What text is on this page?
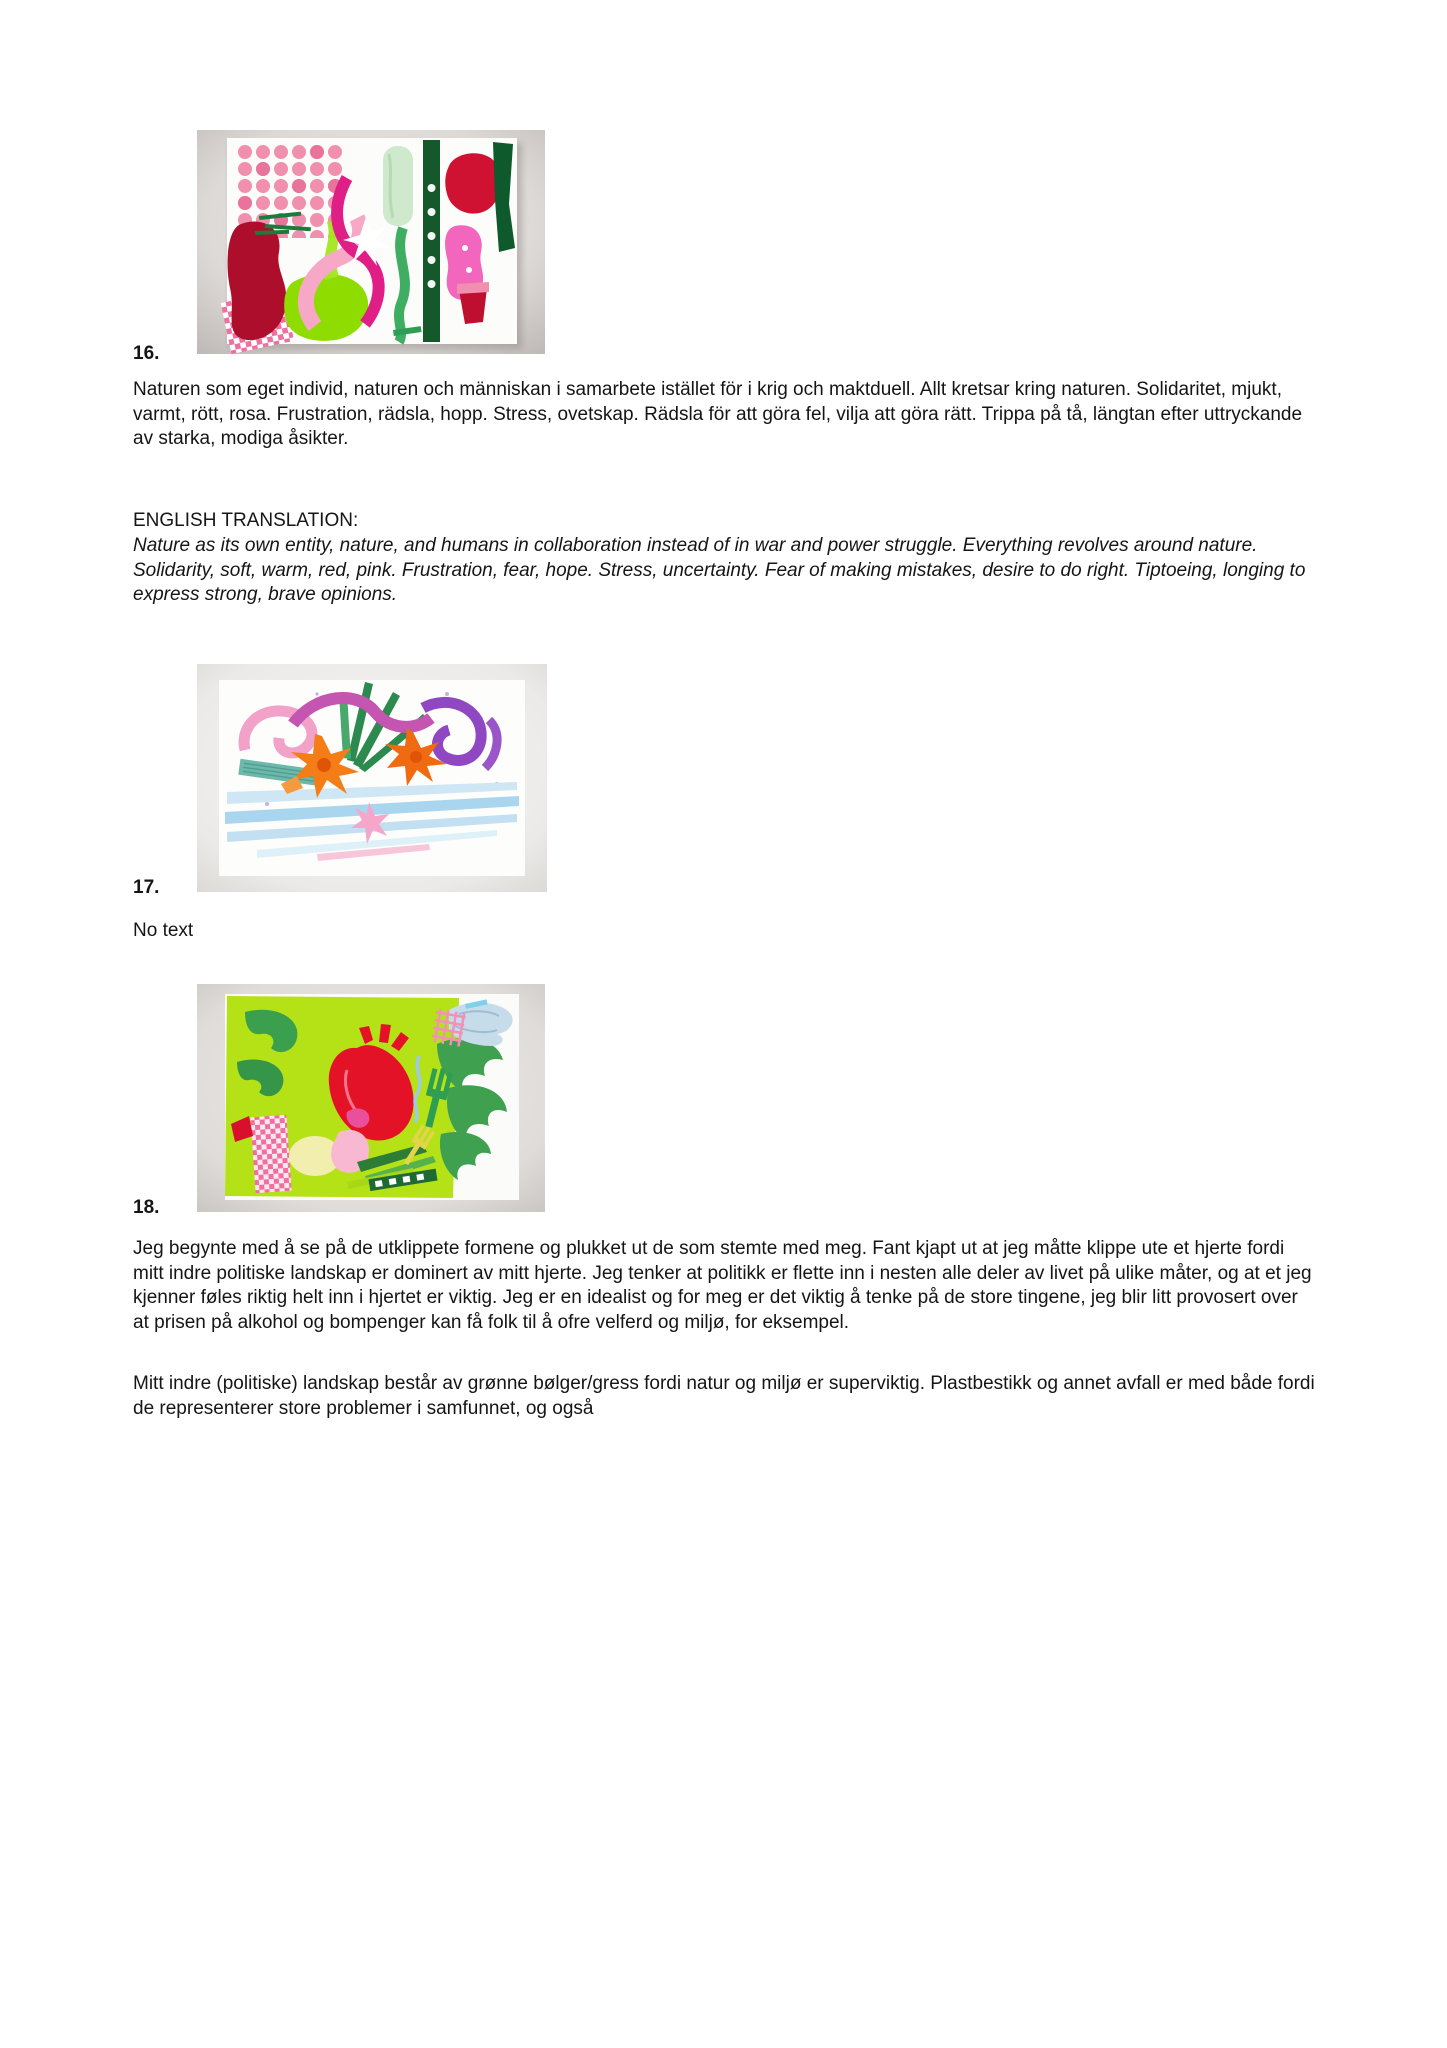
16.
Naturen som eget individ, naturen och människan i samarbete istället för i krig och maktduell. Allt kretsar kring naturen. Solidaritet, mjukt, varmt, rött, rosa. Frustration, rädsla, hopp. Stress, ovetskap. Rädsla för att göra fel, vilja att göra rätt. Trippa på tå, längtan efter uttryckande av starka, modiga åsikter.
ENGLISH TRANSLATION:
Nature as its own entity, nature, and humans in collaboration instead of in war and power struggle. Everything revolves around nature. Solidarity, soft, warm, red, pink. Frustration, fear, hope. Stress, uncertainty. Fear of making mistakes, desire to do right. Tiptoeing, longing to express strong, brave opinions.
17.
No text
18.
Jeg begynte med å se på de utklippete formene og plukket ut de som stemte med meg. Fant kjapt ut at jeg måtte klippe ute et hjerte fordi mitt indre politiske landskap er dominert av mitt hjerte. Jeg tenker at politikk er flette inn i nesten alle deler av livet på ulike måter, og at et jeg kjenner føles riktig helt inn i hjertet er viktig. Jeg er en idealist og for meg er det viktig å tenke på de store tingene, jeg blir litt provosert over at prisen på alkohol og bompenger kan få folk til å ofre velferd og miljø, for eksempel.
Mitt indre (politiske) landskap består av grønne bølger/gress fordi natur og miljø er superviktig. Plastbestikk og annet avfall er med både fordi de representerer store problemer i samfunnet, og også
